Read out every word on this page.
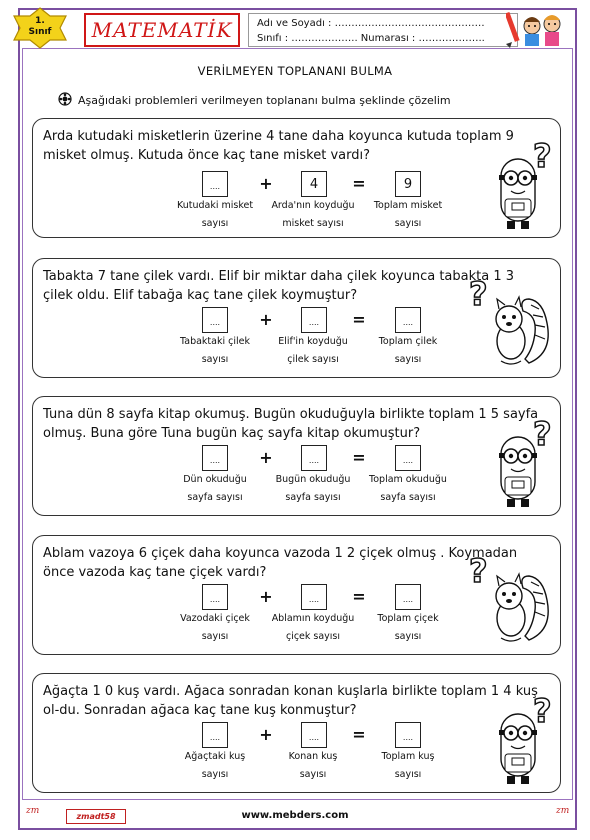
1.
Sınıf	MATEMATİK Adı ve Soyadı : ………………………………………
Sınıfı : ……………….. Numarası : ………………..
VERİLMEYEN TOPLANANI BULMA
Aşağıdaki problemleri verilmeyen toplananı bulma şeklinde çözelim
Arda kutudaki misketlerin üzerine 4 tane daha koyunca kutuda toplam 9 misket olmuş. Kutuda önce kaç tane misket vardı?
....	+	4	=	9
Kutudaki misket
sayısı
Arda'nın koyduğu
misket sayısı
Toplam misket
sayısı
?
Tabakta 7 tane çilek vardı. Elif bir miktar daha çilek koyunca tabakta 1 3 çilek oldu. Elif tabağa kaç tane çilek koymuştur?
....	+	....	=	....
Tabaktaki çilek
sayısı
Elif'in koyduğu
çilek sayısı
Toplam çilek
sayısı
?
Tuna dün 8 sayfa kitap okumuş. Bugün okuduğuyla birlikte toplam 1 5 sayfa olmuş. Buna göre Tuna bugün kaç sayfa kitap okumuştur?
....	+	....	=	....
Dün okuduğu
sayfa sayısı
Bugün okuduğu
sayfa sayısı
Toplam okuduğu
sayfa sayısı
?
Ablam vazoya 6 çiçek daha koyunca vazoda 1 2 çiçek olmuş . Koymadan önce vazoda kaç tane çiçek vardı?
....	+	....	=	....
Vazodaki çiçek
sayısı
Ablamın koyduğu
çiçek sayısı
Toplam çiçek
sayısı
?
Ağaçta 1 0 kuş vardı. Ağaca sonradan konan kuşlarla birlikte toplam 1 4 kuş ol-du. Sonradan ağaca kaç tane kuş konmuştur?
....	+	....	=	....
Ağaçtaki kuş
sayısı
Konan kuş
sayısı
Toplam kuş
sayısı
?
zm
zmadt58	www.mebders.com	zm
